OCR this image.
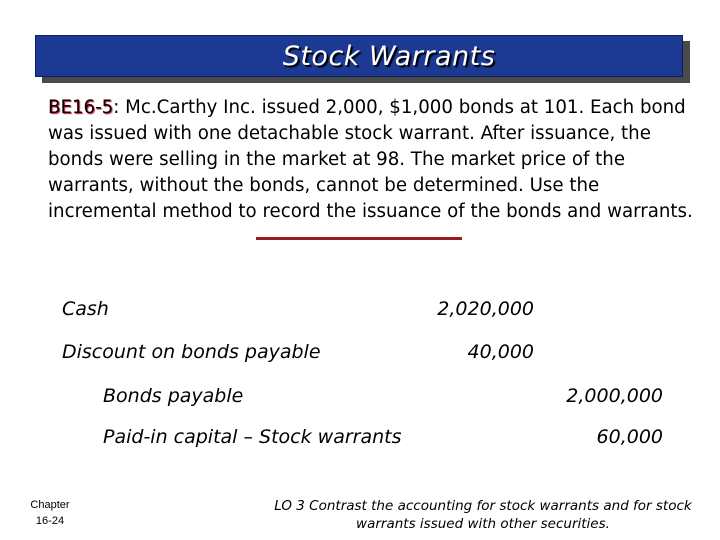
Stock Warrants
BE16-5: Mc.Carthy Inc. issued 2,000, $1,000 bonds at 101. Each bond was issued with one detachable stock warrant. After issuance, the bonds were selling in the market at 98. The market price of the warrants, without the bonds, cannot be determined. Use the incremental method to record the issuance of the bonds and warrants.
Cash	2,020,000
Discount on bonds payable	40,000
Bonds payable	2,000,000
Paid-in capital – Stock warrants	60,000
Chapter
16-24
LO 3 Contrast the accounting for stock warrants and for stock warrants issued with other securities.
